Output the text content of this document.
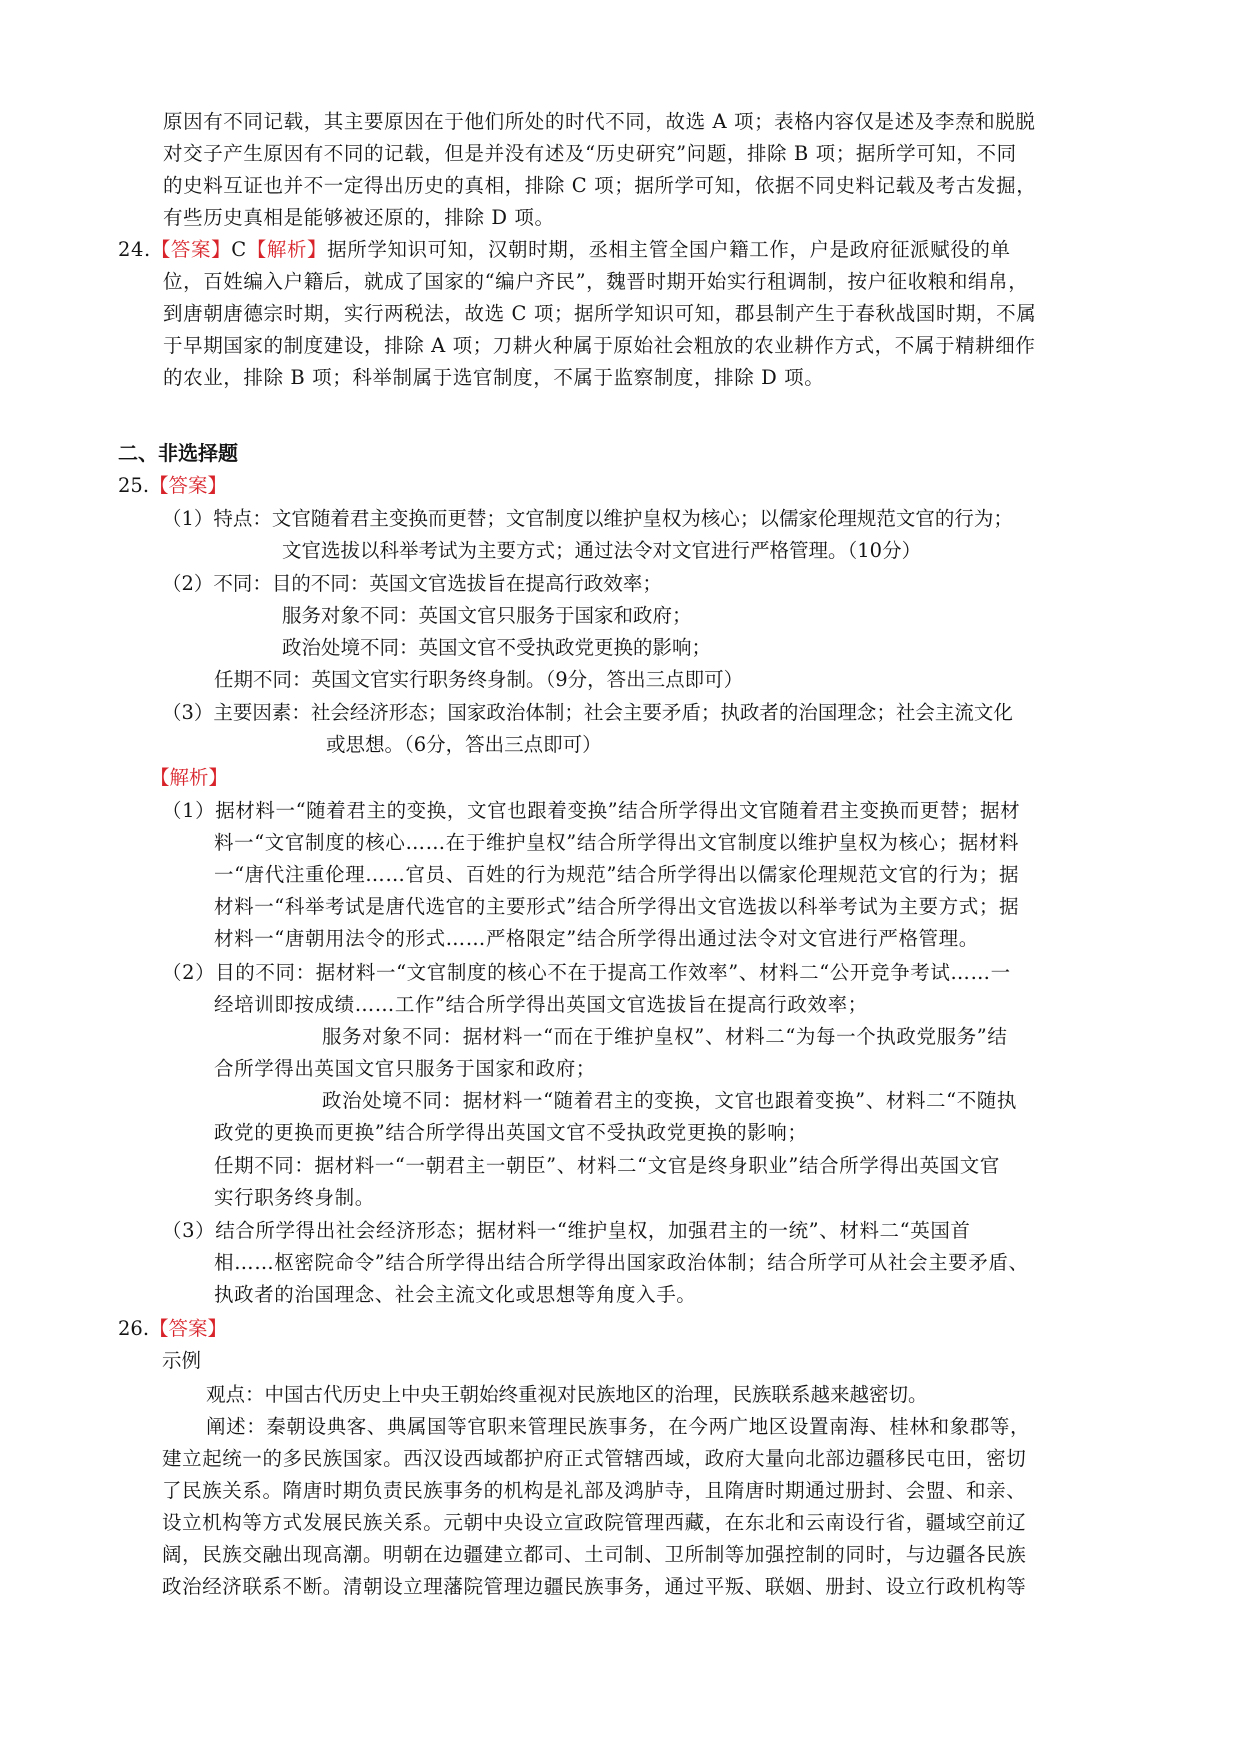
原因有不同记载，其主要原因在于他们所处的时代不同，故选 A 项；表格内容仅是述及李焘和脱脱
对交子产生原因有不同的记载，但是并没有述及“历史研究”问题，排除 B 项；据所学可知，不同
的史料互证也并不一定得出历史的真相，排除 C 项；据所学可知，依据不同史料记载及考古发掘，
有些历史真相是能够被还原的，排除 D 项。
24.【答案】C【解析】据所学知识可知，汉朝时期，丞相主管全国户籍工作，户是政府征派赋役的单
位，百姓编入户籍后，就成了国家的“编户齐民”，魏晋时期开始实行租调制，按户征收粮和绢帛，
到唐朝唐德宗时期，实行两税法，故选 C 项；据所学知识可知，郡县制产生于春秋战国时期，不属
于早期国家的制度建设，排除 A 项；刀耕火种属于原始社会粗放的农业耕作方式，不属于精耕细作
的农业，排除 B 项；科举制属于选官制度，不属于监察制度，排除 D 项。
二、非选择题
25.【答案】
（1）特点：文官随着君主变换而更替；文官制度以维护皇权为核心；以儒家伦理规范文官的行为；
文官选拔以科举考试为主要方式；通过法令对文官进行严格管理。（10分）
（2）不同：目的不同：英国文官选拔旨在提高行政效率；
服务对象不同：英国文官只服务于国家和政府；
政治处境不同：英国文官不受执政党更换的影响；
任期不同：英国文官实行职务终身制。（9分，答出三点即可）
（3）主要因素：社会经济形态；国家政治体制；社会主要矛盾；执政者的治国理念；社会主流文化
或思想。（6分，答出三点即可）
【解析】
（1）据材料一“随着君主的变换，文官也跟着变换”结合所学得出文官随着君主变换而更替；据材
料一“文官制度的核心……在于维护皇权”结合所学得出文官制度以维护皇权为核心；据材料
一“唐代注重伦理……官员、百姓的行为规范”结合所学得出以儒家伦理规范文官的行为；据
材料一“科举考试是唐代选官的主要形式”结合所学得出文官选拔以科举考试为主要方式；据
材料一“唐朝用法令的形式……严格限定”结合所学得出通过法令对文官进行严格管理。
（2）目的不同：据材料一“文官制度的核心不在于提高工作效率”、材料二“公开竞争考试……一
经培训即按成绩……工作”结合所学得出英国文官选拔旨在提高行政效率；
服务对象不同：据材料一“而在于维护皇权”、材料二“为每一个执政党服务”结
合所学得出英国文官只服务于国家和政府；
政治处境不同：据材料一“随着君主的变换，文官也跟着变换”、材料二“不随执
政党的更换而更换”结合所学得出英国文官不受执政党更换的影响；
任期不同：据材料一“一朝君主一朝臣”、材料二“文官是终身职业”结合所学得出英国文官
实行职务终身制。
（3）结合所学得出社会经济形态；据材料一“维护皇权，加强君主的一统”、材料二“英国首
相……枢密院命令”结合所学得出结合所学得出国家政治体制；结合所学可从社会主要矛盾、
执政者的治国理念、社会主流文化或思想等角度入手。
26.【答案】
示例
观点：中国古代历史上中央王朝始终重视对民族地区的治理，民族联系越来越密切。
阐述：秦朝设典客、典属国等官职来管理民族事务，在今两广地区设置南海、桂林和象郡等，
建立起统一的多民族国家。西汉设西域都护府正式管辖西域，政府大量向北部边疆移民屯田，密切
了民族关系。隋唐时期负责民族事务的机构是礼部及鸿胪寺，且隋唐时期通过册封、会盟、和亲、
设立机构等方式发展民族关系。元朝中央设立宣政院管理西藏，在东北和云南设行省，疆域空前辽
阔，民族交融出现高潮。明朝在边疆建立都司、土司制、卫所制等加强控制的同时，与边疆各民族
政治经济联系不断。清朝设立理藩院管理边疆民族事务，通过平叛、联姻、册封、设立行政机构等
